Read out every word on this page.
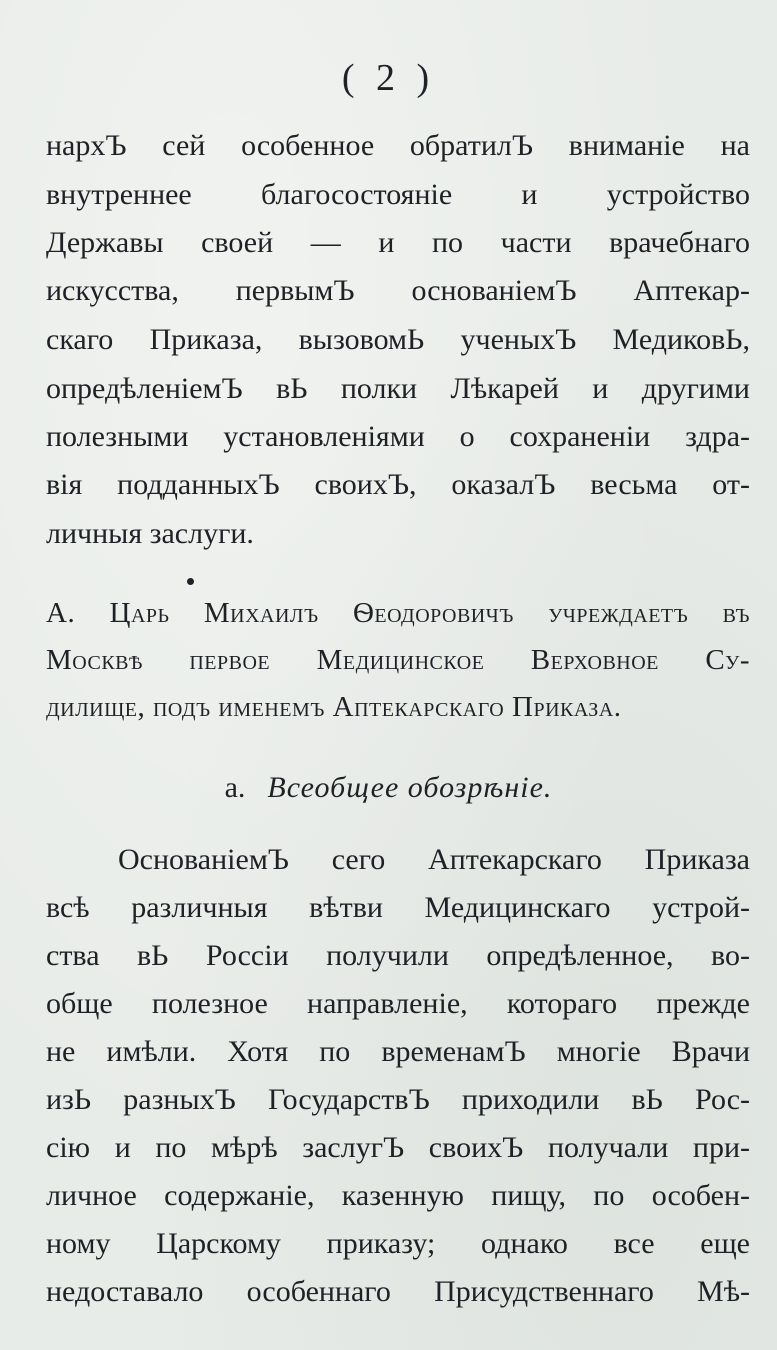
( 2 )
нархЪ сей особенное обратилЪ вниманіе на
внутреннее благосостояніе и устройство
Державы своей — и по части врачебнаго
искусства, первымЪ основаніемЪ Аптекар-
скаго Приказа, вызовомЬ ученыхЪ МедиковЬ,
опредѣленіемЪ вЬ полки Лѣкарей и другими
полезными установленіями о сохраненіи здра-
вія подданныхЪ своихЪ, оказалЪ весьма от-
личныя заслуги.
А. Царь Михаилъ Ѳеодоровичъ учреждаетъ въ
Москвѣ первое Медицинское Верховное Су-
дилище, подъ именемъ Аптекарскаго Приказа.
а. Всеобщее обозрѣніе.
ОснованіемЪ сего Аптекарскаго Приказа
всѣ различныя вѣтви Медицинскаго устрой-
ства вЬ Россіи получили опредѣленное, во-
обще полезное направленіе, котораго прежде
не имѣли. Хотя по временамЪ многіе Врачи
изЬ разныхЪ ГосударствЪ приходили вЬ Рос-
сію и по мѣрѣ заслугЪ своихЪ получали при-
личное содержаніе, казенную пищу, по особен-
ному Царскому приказу; однако все еще
недоставало особеннаго Присудственнаго Мѣ-
